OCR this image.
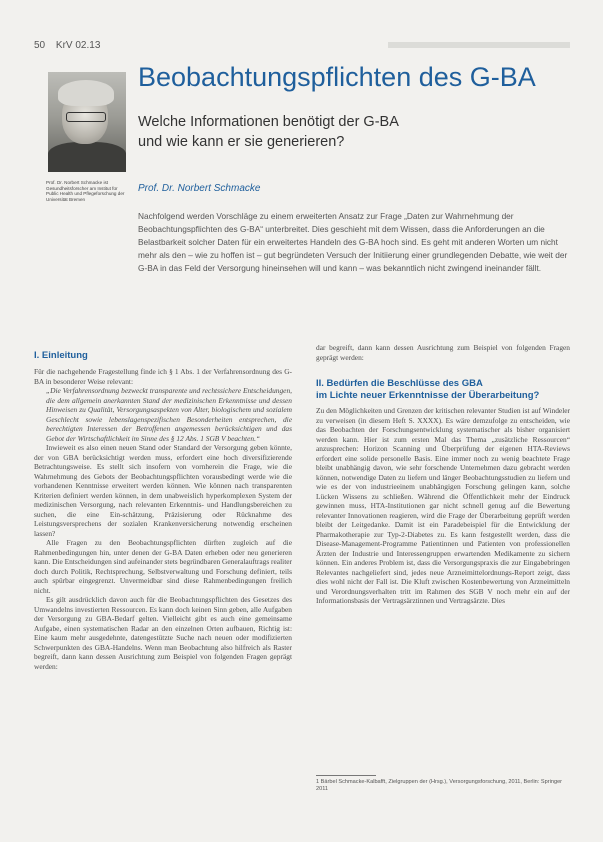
50 KrV 02.13
Prof. Dr. Norbert Schmacke ist Gesundheitsforscher am Institut für Public Health und Pflegeforschung der Universität Bremen
Beobachtungspflichten des G-BA
Welche Informationen benötigt der G-BA
und wie kann er sie generieren?
Prof. Dr. Norbert Schmacke
Nachfolgend werden Vorschläge zu einem erweiterten Ansatz zur Frage „Daten zur Wahrnehmung der Beobachtungspflichten des G-BA“ unterbreitet. Dies geschieht mit dem Wissen, dass die Anforderungen an die Belastbarkeit solcher Daten für ein erweitertes Handeln des G-BA hoch sind. Es geht mit anderen Worten um nicht mehr als den – wie zu hoffen ist – gut begründeten Versuch der Initiierung einer grundlegenden Debatte, wie weit der G-BA in das Feld der Versorgung hineinsehen will und kann – was bekanntlich nicht zwingend ineinander fällt.
I. Einleitung

Für die nachgehende Fragestellung finde ich § 1 Abs. 1 der Verfahrensordnung des G-BA in besonderer Weise relevant:

„Die Verfahrensordnung bezweckt transparente und rechtssichere Entscheidungen, die dem allgemein anerkannten Stand der medizinischen Erkenntnisse und dessen Hinweisen zu Qualität, Versorgungsaspekten von Alter, biologischem und sozialem Geschlecht sowie lebenslagenspezifischen Besonderheiten entsprechen, die berechtigten Interessen der Betroffenen angemessen berücksichtigen und das Gebot der Wirtschaftlichkeit im Sinne des § 12 Abs. 1 SGB V beachten.“

Inwieweit es also einen neuen Stand oder Standard der Versorgung geben könnte, der von GBA berücksichtigt werden muss, erfordert eine hoch diversifizierende Betrachtungsweise. Es stellt sich insofern von vornherein die Frage, wie die Wahrnehmung des Gebots der Beobachtungspflichten vorausbedingt werde wie die vorhandenen Kenntnisse erweitert werden können. Wie können nach transparenten Kriterien definiert werden können, in dem unabweislich hyperkomplexen System der medizinischen Versorgung, nach relevanten Erkenntnis- und Handlungsbereichen zu suchen, die eine Ein-schätzung, Präzisierung oder Rücknahme des Leistungsversprechens der sozialen Krankenversicherung notwendig erscheinen lassen?

Alle Fragen zu den Beobachtungspflichten dürften zugleich auf die Rahmenbedingungen hin, unter denen der G-BA Daten erheben oder neu generieren kann. Die Entscheidungen sind aufeinander stets begründbaren Generalauftrags realiter doch durch Politik, Rechtsprechung, Selbstverwaltung und Forschung definiert, teils auch spürbar eingegrenzt. Unvermeidbar sind diese Rahmenbedingungen freilich nicht.

Es gilt ausdrücklich davon auch für die Beobachtungspflichten des Gesetzes des Umwandelns investierten Ressourcen. Es kann doch keinen Sinn geben, alle Aufgaben der Versorgung zu GBA-Bedarf gelten. Vielleicht gibt es auch eine gemeinsame Aufgabe, einen systematischen Radar an den einzelnen Orten aufbauen, Richtig ist: Eine kaum mehr ausgedehnte, datengestützte Suche nach neuen oder modifizierten Schwerpunkten des GBA-Handelns. Wenn man Beobachtung also hilfreich als Raster begreift, dann kann dessen Ausrichtung zum Beispiel von folgenden Fragen geprägt werden:

dar begreift, dann kann dessen Ausrichtung zum Beispiel von folgenden Fragen geprägt werden:

II. Bedürfen die Beschlüsse des GBA
im Lichte neuer Erkenntnisse der Überarbeitung?

Zu den Möglichkeiten und Grenzen der kritischen relevanter Studien ist auf Windeler zu verweisen (in diesem Heft S. XXXX). Es wäre demzufolge zu entscheiden, wie das Beobachten der Forschungsentwicklung systematischer als bisher organisiert werden kann. Hier ist zum ersten Mal das Thema „zusätzliche Ressourcen“ anzusprechen: Horizon Scanning und Überprüfung der eigenen HTA-Reviews erfordert eine solide personelle Basis. Eine immer noch zu wenig beachtete Frage bleibt unabhängig davon, wie sehr forschende Unternehmen dazu gebracht werden können, notwendige Daten zu liefern und länger Beobachtungsstudien zu liefern und wie es der von industrieeinem unabhängigen Forschung gelingen kann, solche Lücken Wissens zu schließen. Während die Öffentlichkeit mehr der Eindruck gewinnen muss, HTA-Institutionen gar nicht schnell genug auf die Bewertung relevanter Innovationen reagieren, wird die Frage der Überarbeitung geprüft werden bleibt der Leitgedanke. Damit ist ein Paradebeispiel für die Entwicklung der Pharmakotherapie zur Typ-2-Diabetes zu. Es kann festgestellt werden, dass die Disease-Management-Programme Patientinnen und Patienten von professionellen Ärzten der Industrie und Interessengruppen erwartenden Medikamente zu sichern können. Ein anderes Problem ist, dass die Versorgungspraxis die zur Eingabebringen Relevantes nachgeliefert sind, jedes neue Arzneimittelordnungs-Report zeigt, dass dies wohl nicht der Fall ist. Die Kluft zwischen Kostenbewertung von Arzneimitteln und Verordnungsverhalten tritt im Rahmen des SGB V noch mehr ein auf der Informationsbasis der Vertragsärztinnen und Vertragsärzte. Dies

1 Bärbel Schmacke-Kalbafft, Zielgruppen der (Hrsg.), Versorgungsforschung, 2011, Berlin: Springer 2011
